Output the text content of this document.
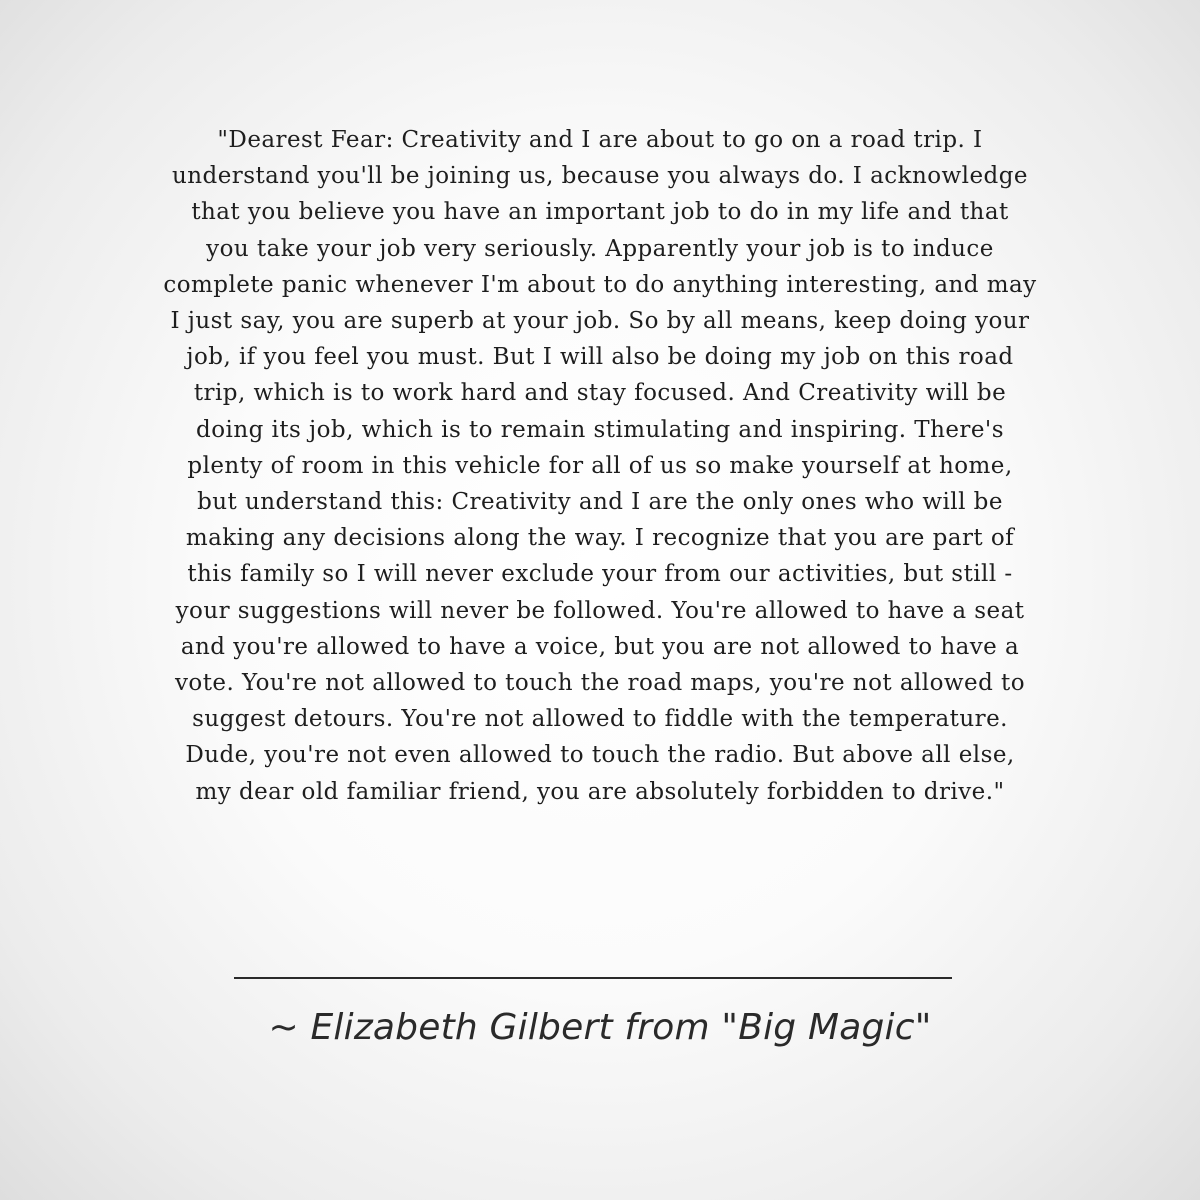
"Dearest Fear: Creativity and I are about to go on a road trip. I
understand you'll be joining us, because you always do. I acknowledge
that you believe you have an important job to do in my life and that
you take your job very seriously. Apparently your job is to induce
complete panic whenever I'm about to do anything interesting, and may
I just say, you are superb at your job. So by all means, keep doing your
job, if you feel you must. But I will also be doing my job on this road
trip, which is to work hard and stay focused. And Creativity will be
doing its job, which is to remain stimulating and inspiring. There's
plenty of room in this vehicle for all of us so make yourself at home,
but understand this: Creativity and I are the only ones who will be
making any decisions along the way. I recognize that you are part of
this family so I will never exclude your from our activities, but still -
your suggestions will never be followed. You're allowed to have a seat
and you're allowed to have a voice, but you are not allowed to have a
vote. You're not allowed to touch the road maps, you're not allowed to
suggest detours. You're not allowed to fiddle with the temperature.
Dude, you're not even allowed to touch the radio. But above all else,
my dear old familiar friend, you are absolutely forbidden to drive."
~ Elizabeth Gilbert from "Big Magic"
